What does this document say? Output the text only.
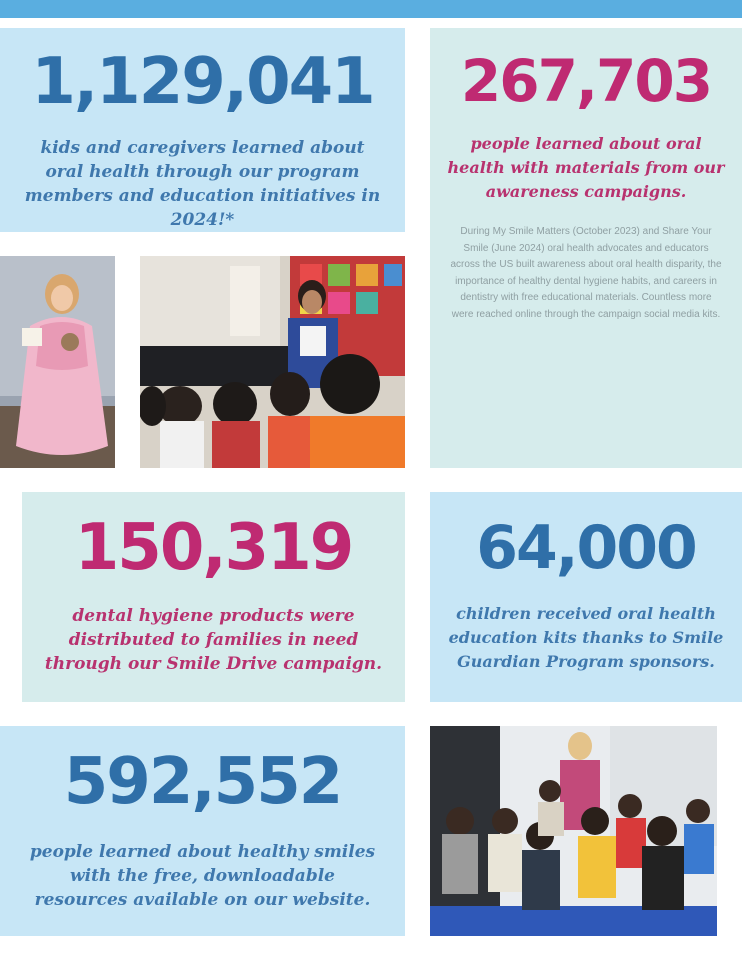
1,129,041
kids and caregivers learned about oral health through our program members and education initiatives in 2024!*
267,703
people learned about oral health with materials from our awareness campaigns.
During My Smile Matters (October 2023) and Share Your Smile (June 2024) oral health advocates and educators across the US built awareness about oral health disparity, the importance of healthy dental hygiene habits, and careers in dentistry with free educational materials. Countless more were reached online through the campaign social media kits.
150,319
dental hygiene products were distributed to families in need through our Smile Drive campaign.
64,000
children received oral health education kits thanks to Smile Guardian Program sponsors.
592,552
people learned about healthy smiles with the free, downloadable resources available on our website.
